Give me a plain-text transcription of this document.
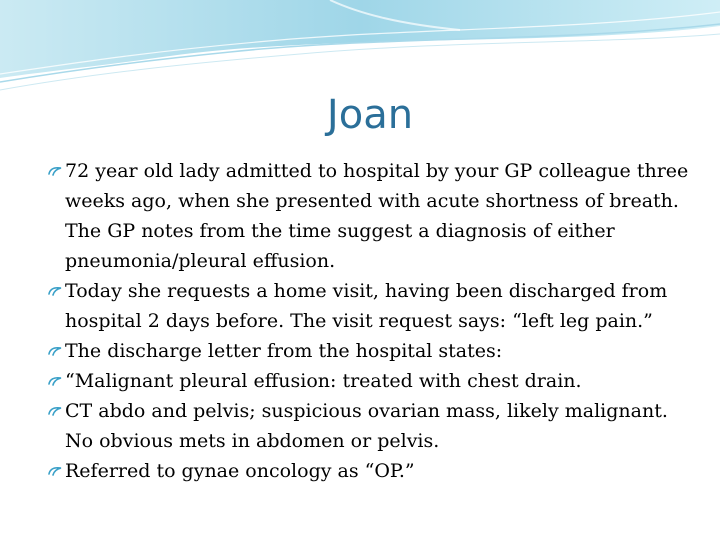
Joan
72 year old lady admitted to hospital by your GP colleague three weeks ago, when she presented with acute shortness of breath. The GP notes from the time suggest a diagnosis of either pneumonia/pleural effusion.
Today she requests a home visit, having been discharged from hospital 2 days before. The visit request says: “left leg pain.”
The discharge letter from the hospital states:
“Malignant pleural effusion: treated with chest drain.
CT abdo and pelvis; suspicious ovarian mass, likely malignant. No obvious mets in abdomen or pelvis.
Referred to gynae oncology as “OP.”
